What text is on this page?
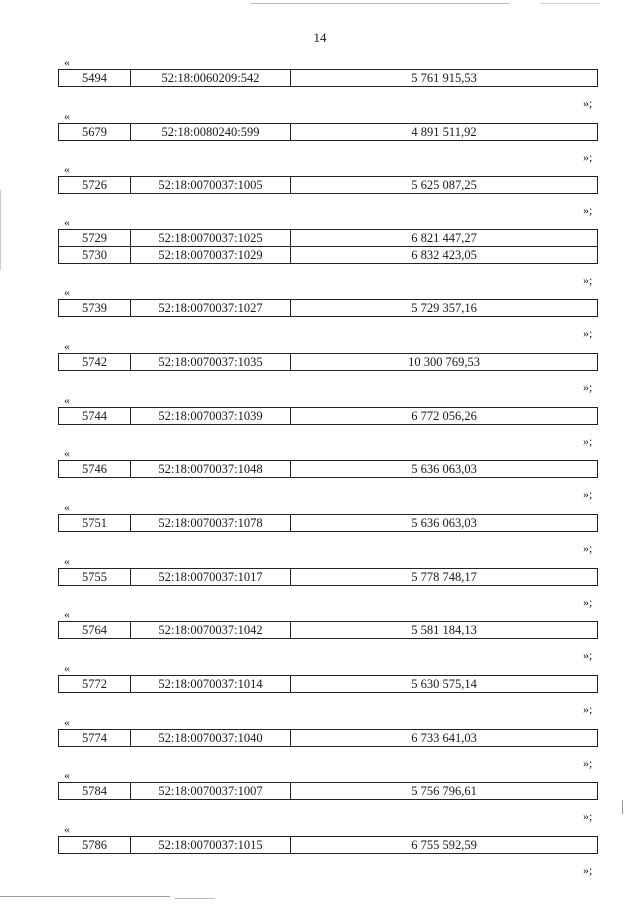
14
«
5494	52:18:0060209:542	5 761 915,53
»;
«
5679	52:18:0080240:599	4 891 511,92
»;
«
5726	52:18:0070037:1005	5 625 087,25
»;
«
5729	52:18:0070037:1025	6 821 447,27
5730	52:18:0070037:1029	6 832 423,05
»;
«
5739	52:18:0070037:1027	5 729 357,16
»;
«
5742	52:18:0070037:1035	10 300 769,53
»;
«
5744	52:18:0070037:1039	6 772 056,26
»;
«
5746	52:18:0070037:1048	5 636 063,03
»;
«
5751	52:18:0070037:1078	5 636 063,03
»;
«
5755	52:18:0070037:1017	5 778 748,17
»;
«
5764	52:18:0070037:1042	5 581 184,13
»;
«
5772	52:18:0070037:1014	5 630 575,14
»;
«
5774	52:18:0070037:1040	6 733 641,03
»;
«
5784	52:18:0070037:1007	5 756 796,61
»;
«
5786	52:18:0070037:1015	6 755 592,59
»;
